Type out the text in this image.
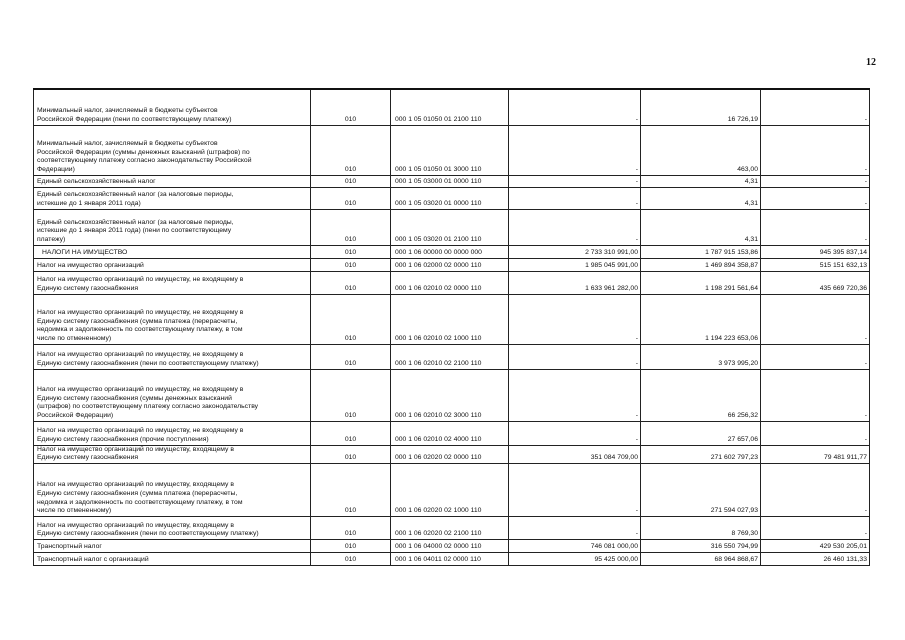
12
Минимальный налог, зачисляемый в бюджеты субъектов
Российской Федерации (пени по соответствующему платежу)	010	000 1 05 01050 01 2100 110	-	16 726,19	-

Минимальный налог, зачисляемый в бюджеты субъектов
Российской Федерации (суммы денежных взысканий (штрафов) по
соответствующему платежу согласно законодательству Российской
Федерации)	010	000 1 05 01050 01 3000 110	-	463,00	-

Единый сельскохозяйственный налог	010	000 1 05 03000 01 0000 110	-	4,31	-

Единый сельскохозяйственный налог (за налоговые периоды,
истекшие до 1 января 2011 года)	010	000 1 05 03020 01 0000 110	-	4,31	-

Единый сельскохозяйственный налог (за налоговые периоды,
истекшие до 1 января 2011 года) (пени по соответствующему
платежу)	010	000 1 05 03020 01 2100 110	-	4,31	-

НАЛОГИ НА ИМУЩЕСТВО	010	000 1 06 00000 00 0000 000	2 733 310 991,00	1 787 915 153,86	945 395 837,14

Налог на имущество организаций	010	000 1 06 02000 02 0000 110	1 985 045 991,00	1 469 894 358,87	515 151 632,13

Налог на имущество организаций по имуществу, не входящему в
Единую систему газоснабжения	010	000 1 06 02010 02 0000 110	1 633 961 282,00	1 198 291 561,64	435 669 720,36

Налог на имущество организаций по имуществу, не входящему в
Единую систему газоснабжения (сумма платежа (перерасчеты,
недоимка и задолженность по соответствующему платежу, в том
числе по отмененному)	010	000 1 06 02010 02 1000 110	-	1 194 223 653,06	-

Налог на имущество организаций по имуществу, не входящему в
Единую систему газоснабжения (пени по соответствующему платежу)	010	000 1 06 02010 02 2100 110	-	3 973 995,20	-

Налог на имущество организаций по имуществу, не входящему в
Единую систему газоснабжения (суммы денежных взысканий
(штрафов) по соответствующему платежу согласно законодательству
Российской Федерации)	010	000 1 06 02010 02 3000 110	-	66 256,32	-

Налог на имущество организаций по имуществу, не входящему в
Единую систему газоснабжения (прочие поступления)	010	000 1 06 02010 02 4000 110	-	27 657,06	-

Налог на имущество организаций по имуществу, входящему в
Единую систему газоснабжения	010	000 1 06 02020 02 0000 110	351 084 709,00	271 602 797,23	79 481 911,77

Налог на имущество организаций по имуществу, входящему в
Единую систему газоснабжения (сумма платежа (перерасчеты,
недоимка и задолженность по соответствующему платежу, в том
числе по отмененному)	010	000 1 06 02020 02 1000 110	-	271 594 027,93	-

Налог на имущество организаций по имуществу, входящему в
Единую систему газоснабжения (пени по соответствующему платежу)	010	000 1 06 02020 02 2100 110	-	8 769,30	-

Транспортный налог	010	000 1 06 04000 02 0000 110	746 081 000,00	316 550 794,99	429 530 205,01

Транспортный налог с организаций	010	000 1 06 04011 02 0000 110	95 425 000,00	68 964 868,67	26 460 131,33
